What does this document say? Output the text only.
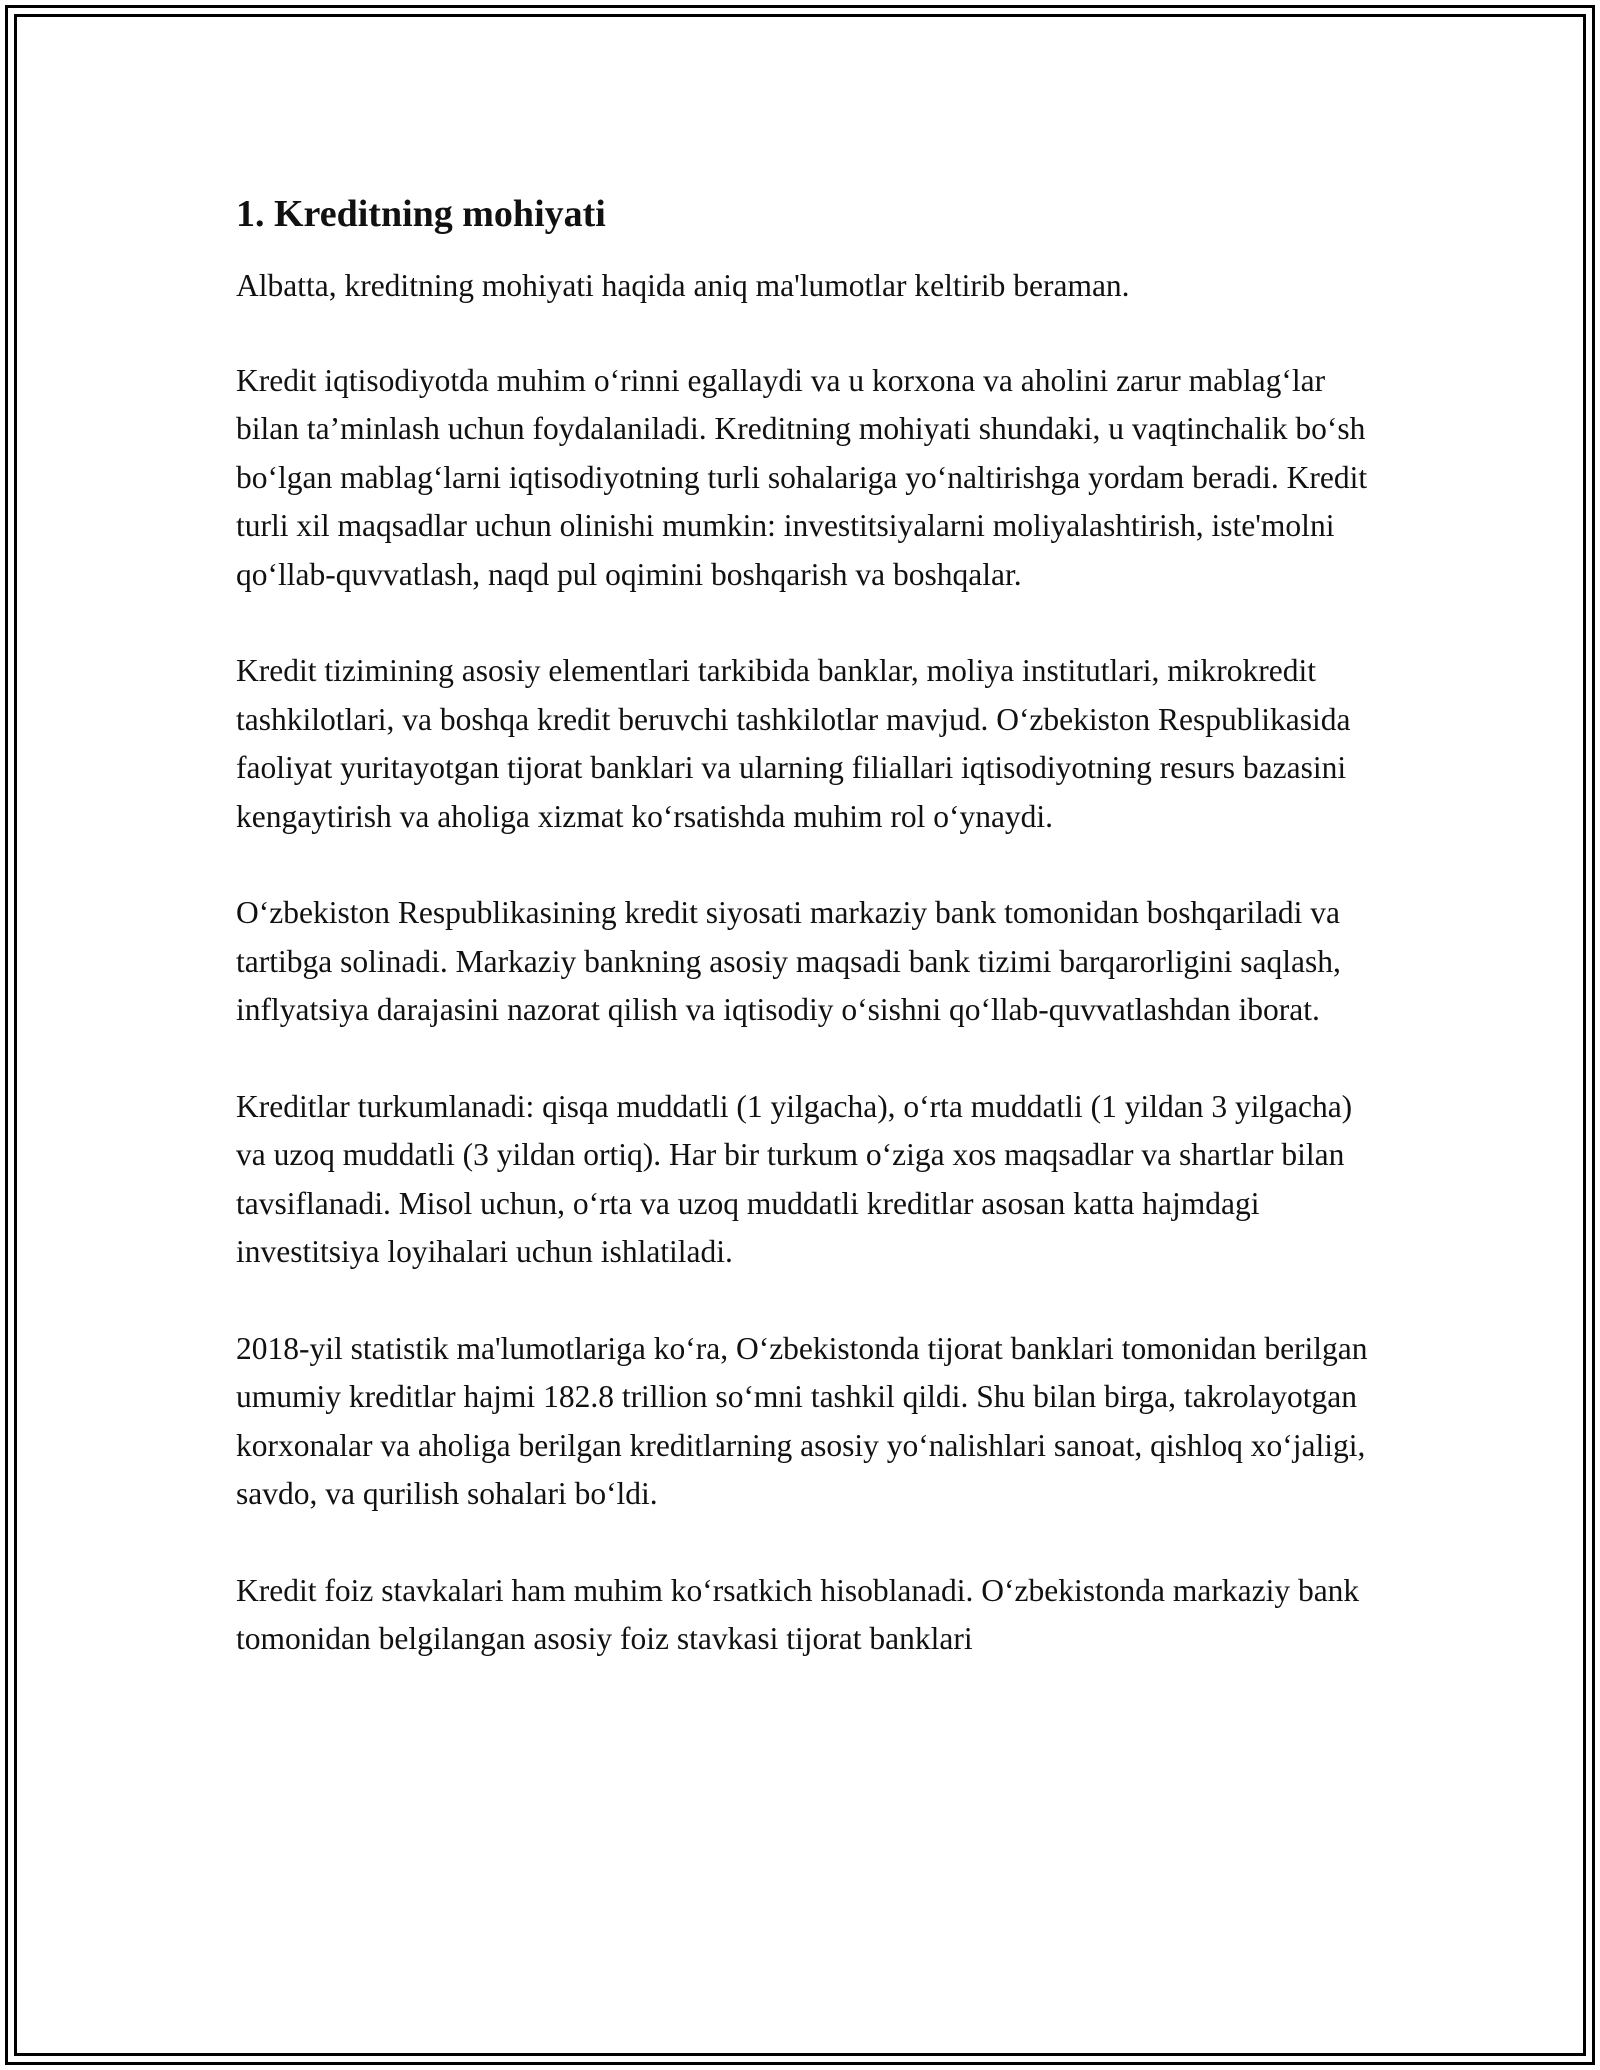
1. Kreditning mohiyati

Albatta, kreditning mohiyati haqida aniq ma'lumotlar keltirib beraman.

Kredit iqtisodiyotda muhim o‘rinni egallaydi va u korxona va aholini zarur mablag‘lar bilan ta’minlash uchun foydalaniladi. Kreditning mohiyati shundaki, u vaqtinchalik bo‘sh bo‘lgan mablag‘larni iqtisodiyotning turli sohalariga yo‘naltirishga yordam beradi. Kredit turli xil maqsadlar uchun olinishi mumkin: investitsiyalarni moliyalashtirish, iste'molni qo‘llab-quvvatlash, naqd pul oqimini boshqarish va boshqalar.

Kredit tizimining asosiy elementlari tarkibida banklar, moliya institutlari, mikrokredit tashkilotlari, va boshqa kredit beruvchi tashkilotlar mavjud. O‘zbekiston Respublikasida faoliyat yuritayotgan tijorat banklari va ularning filiallari iqtisodiyotning resurs bazasini kengaytirish va aholiga xizmat ko‘rsatishda muhim rol o‘ynaydi.

O‘zbekiston Respublikasining kredit siyosati markaziy bank tomonidan boshqariladi va tartibga solinadi. Markaziy bankning asosiy maqsadi bank tizimi barqarorligini saqlash, inflyatsiya darajasini nazorat qilish va iqtisodiy o‘sishni qo‘llab-quvvatlashdan iborat.

Kreditlar turkumlanadi: qisqa muddatli (1 yilgacha), o‘rta muddatli (1 yildan 3 yilgacha) va uzoq muddatli (3 yildan ortiq). Har bir turkum o‘ziga xos maqsadlar va shartlar bilan tavsiflanadi. Misol uchun, o‘rta va uzoq muddatli kreditlar asosan katta hajmdagi investitsiya loyihalari uchun ishlatiladi.

2018-yil statistik ma'lumotlariga ko‘ra, O‘zbekistonda tijorat banklari tomonidan berilgan umumiy kreditlar hajmi 182.8 trillion so‘mni tashkil qildi. Shu bilan birga, takrolayotgan korxonalar va aholiga berilgan kreditlarning asosiy yo‘nalishlari sanoat, qishloq xo‘jaligi, savdo, va qurilish sohalari bo‘ldi.

Kredit foiz stavkalari ham muhim ko‘rsatkich hisoblanadi. O‘zbekistonda markaziy bank tomonidan belgilangan asosiy foiz stavkasi tijorat banklari
